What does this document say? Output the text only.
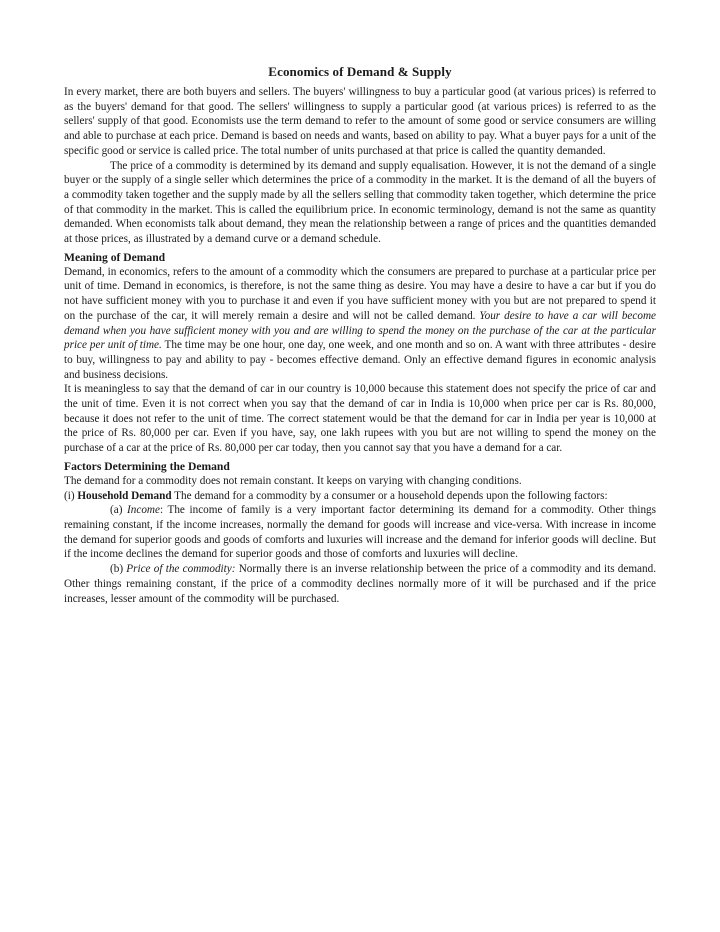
Economics of Demand & Supply

In every market, there are both buyers and sellers. The buyers' willingness to buy a particular good (at various prices) is referred to as the buyers' demand for that good. The sellers' willingness to supply a particular good (at various prices) is referred to as the sellers' supply of that good. Economists use the term demand to refer to the amount of some good or service consumers are willing and able to purchase at each price. Demand is based on needs and wants, based on ability to pay. What a buyer pays for a unit of the specific good or service is called price. The total number of units purchased at that price is called the quantity demanded.

The price of a commodity is determined by its demand and supply equalisation. However, it is not the demand of a single buyer or the supply of a single seller which determines the price of a commodity in the market. It is the demand of all the buyers of a commodity taken together and the supply made by all the sellers selling that commodity taken together, which determine the price of that commodity in the market. This is called the equilibrium price. In economic terminology, demand is not the same as quantity demanded. When economists talk about demand, they mean the relationship between a range of prices and the quantities demanded at those prices, as illustrated by a demand curve or a demand schedule.

Meaning of Demand

Demand, in economics, refers to the amount of a commodity which the consumers are prepared to purchase at a particular price per unit of time. Demand in economics, is therefore, is not the same thing as desire. You may have a desire to have a car but if you do not have sufficient money with you to purchase it and even if you have sufficient money with you but are not prepared to spend it on the purchase of the car, it will merely remain a desire and will not be called demand. Your desire to have a car will become demand when you have sufficient money with you and are willing to spend the money on the purchase of the car at the particular price per unit of time. The time may be one hour, one day, one week, and one month and so on. A want with three attributes - desire to buy, willingness to pay and ability to pay - becomes effective demand. Only an effective demand figures in economic analysis and business decisions.

It is meaningless to say that the demand of car in our country is 10,000 because this statement does not specify the price of car and the unit of time. Even it is not correct when you say that the demand of car in India is 10,000 when price per car is Rs. 80,000, because it does not refer to the unit of time. The correct statement would be that the demand for car in India per year is 10,000 at the price of Rs. 80,000 per car. Even if you have, say, one lakh rupees with you but are not willing to spend the money on the purchase of a car at the price of Rs. 80,000 per car today, then you cannot say that you have a demand for a car.

Factors Determining the Demand

The demand for a commodity does not remain constant. It keeps on varying with changing conditions.

(i) Household Demand The demand for a commodity by a consumer or a household depends upon the following factors:

(a) Income: The income of family is a very important factor determining its demand for a commodity. Other things remaining constant, if the income increases, normally the demand for goods will increase and vice-versa. With increase in income the demand for superior goods and goods of comforts and luxuries will increase and the demand for inferior goods will decline. But if the income declines the demand for superior goods and those of comforts and luxuries will decline.

(b) Price of the commodity: Normally there is an inverse relationship between the price of a commodity and its demand. Other things remaining constant, if the price of a commodity declines normally more of it will be purchased and if the price increases, lesser amount of the commodity will be purchased.
